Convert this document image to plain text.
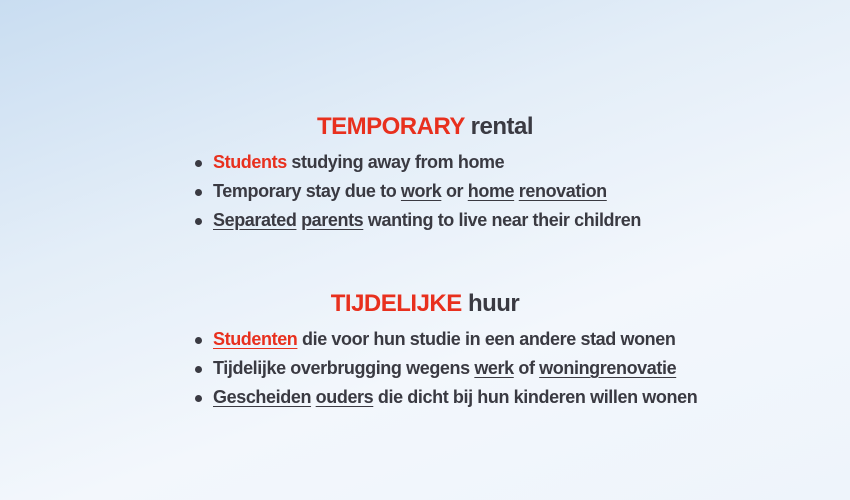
TEMPORARY rental
Students studying away from home
Temporary stay due to work or home renovation
Separated parents wanting to live near their children
TIJDELIJKE huur
Studenten die voor hun studie in een andere stad wonen
Tijdelijke overbrugging wegens werk of woningrenovatie
Gescheiden ouders die dicht bij hun kinderen willen wonen
